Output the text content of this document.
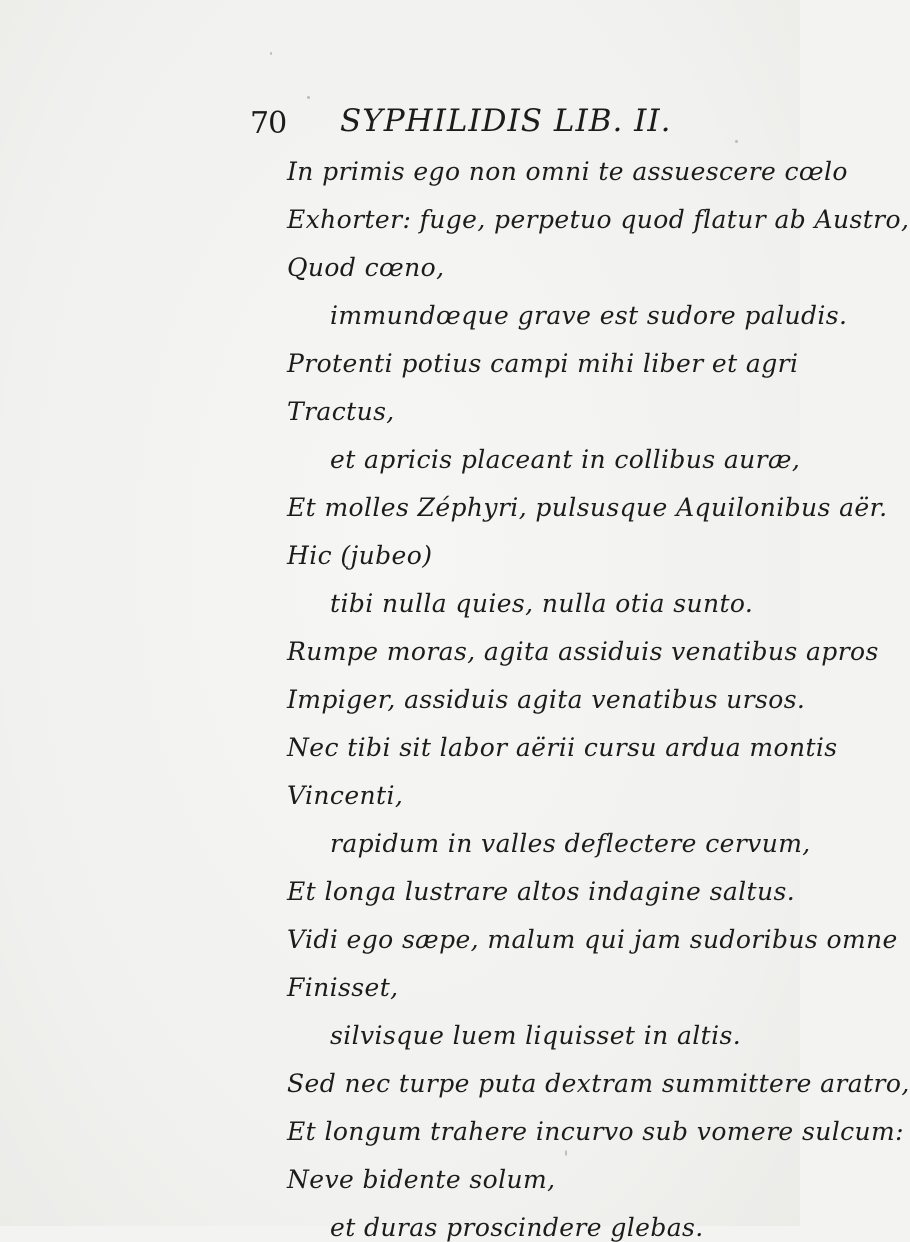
70 SYPHILIDIS LIB. II.
In primis ego non omni te assuescere cœlo
Exhorter: fuge, perpetuo quod flatur ab Austro,
Quod cœno,
immundœque grave est sudore paludis.
Protenti potius campi mihi liber et agri
Tractus,
et apricis placeant in collibus auræ,
Et molles Zéphyri, pulsusque Aquilonibus aër.
Hic (jubeo)
tibi nulla quies, nulla otia sunto.
Rumpe moras, agita assiduis venatibus apros
Impiger, assiduis agita venatibus ursos.
Nec tibi sit labor aërii cursu ardua montis
Vincenti,
rapidum in valles deflectere cervum,
Et longa lustrare altos indagine saltus.
Vidi ego sæpe, malum qui jam sudoribus omne
Finisset,
silvisque luem liquisset in altis.
Sed nec turpe puta dextram summittere aratro,
Et longum trahere incurvo sub vomere sulcum:
Neve bidente solum,
et duras proscindere glebas.
